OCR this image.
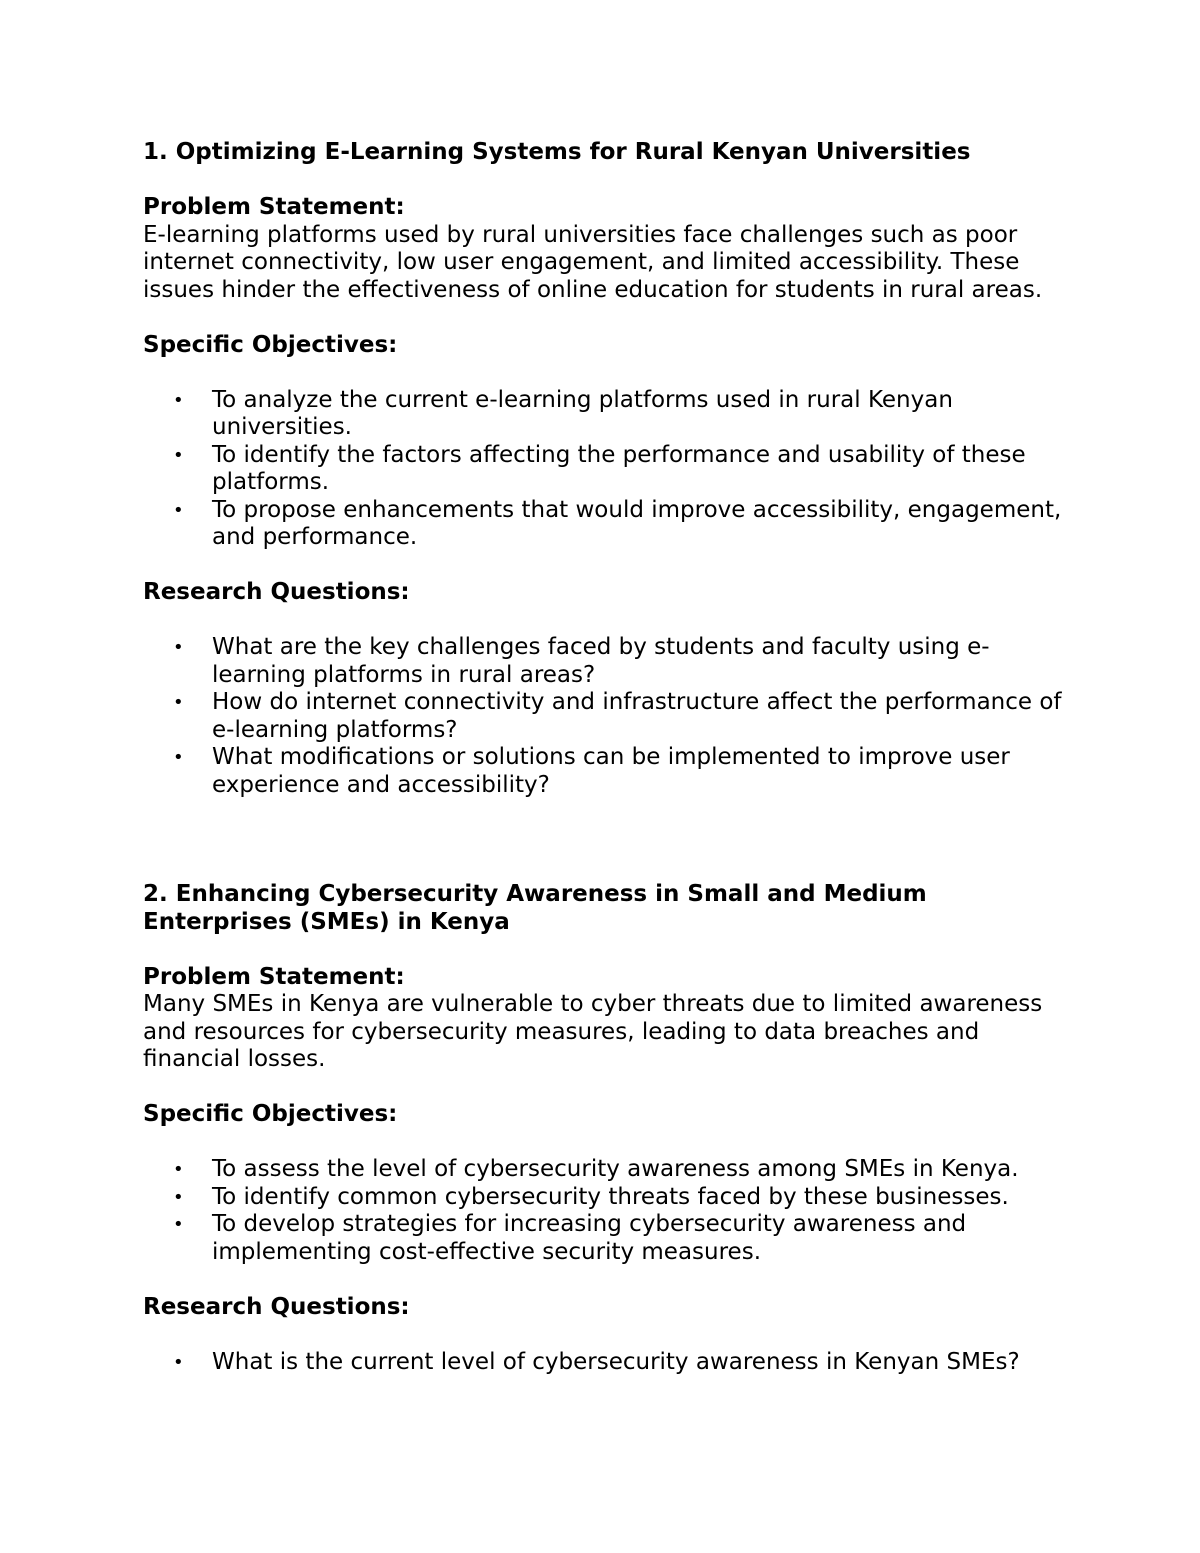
1. Optimizing E-Learning Systems for Rural Kenyan Universities

Problem Statement:

E-learning platforms used by rural universities face challenges such as poor internet connectivity, low user engagement, and limited accessibility. These issues hinder the effectiveness of online education for students in rural areas.

Specific Objectives:

• To analyze the current e-learning platforms used in rural Kenyan universities.
• To identify the factors affecting the performance and usability of these platforms.
• To propose enhancements that would improve accessibility, engagement, and performance.

Research Questions:

• What are the key challenges faced by students and faculty using e-learning platforms in rural areas?
• How do internet connectivity and infrastructure affect the performance of e-learning platforms?
• What modifications or solutions can be implemented to improve user experience and accessibility?

2. Enhancing Cybersecurity Awareness in Small and Medium Enterprises (SMEs) in Kenya

Problem Statement:

Many SMEs in Kenya are vulnerable to cyber threats due to limited awareness and resources for cybersecurity measures, leading to data breaches and financial losses.

Specific Objectives:

• To assess the level of cybersecurity awareness among SMEs in Kenya.
• To identify common cybersecurity threats faced by these businesses.
• To develop strategies for increasing cybersecurity awareness and implementing cost-effective security measures.

Research Questions:

• What is the current level of cybersecurity awareness in Kenyan SMEs?
